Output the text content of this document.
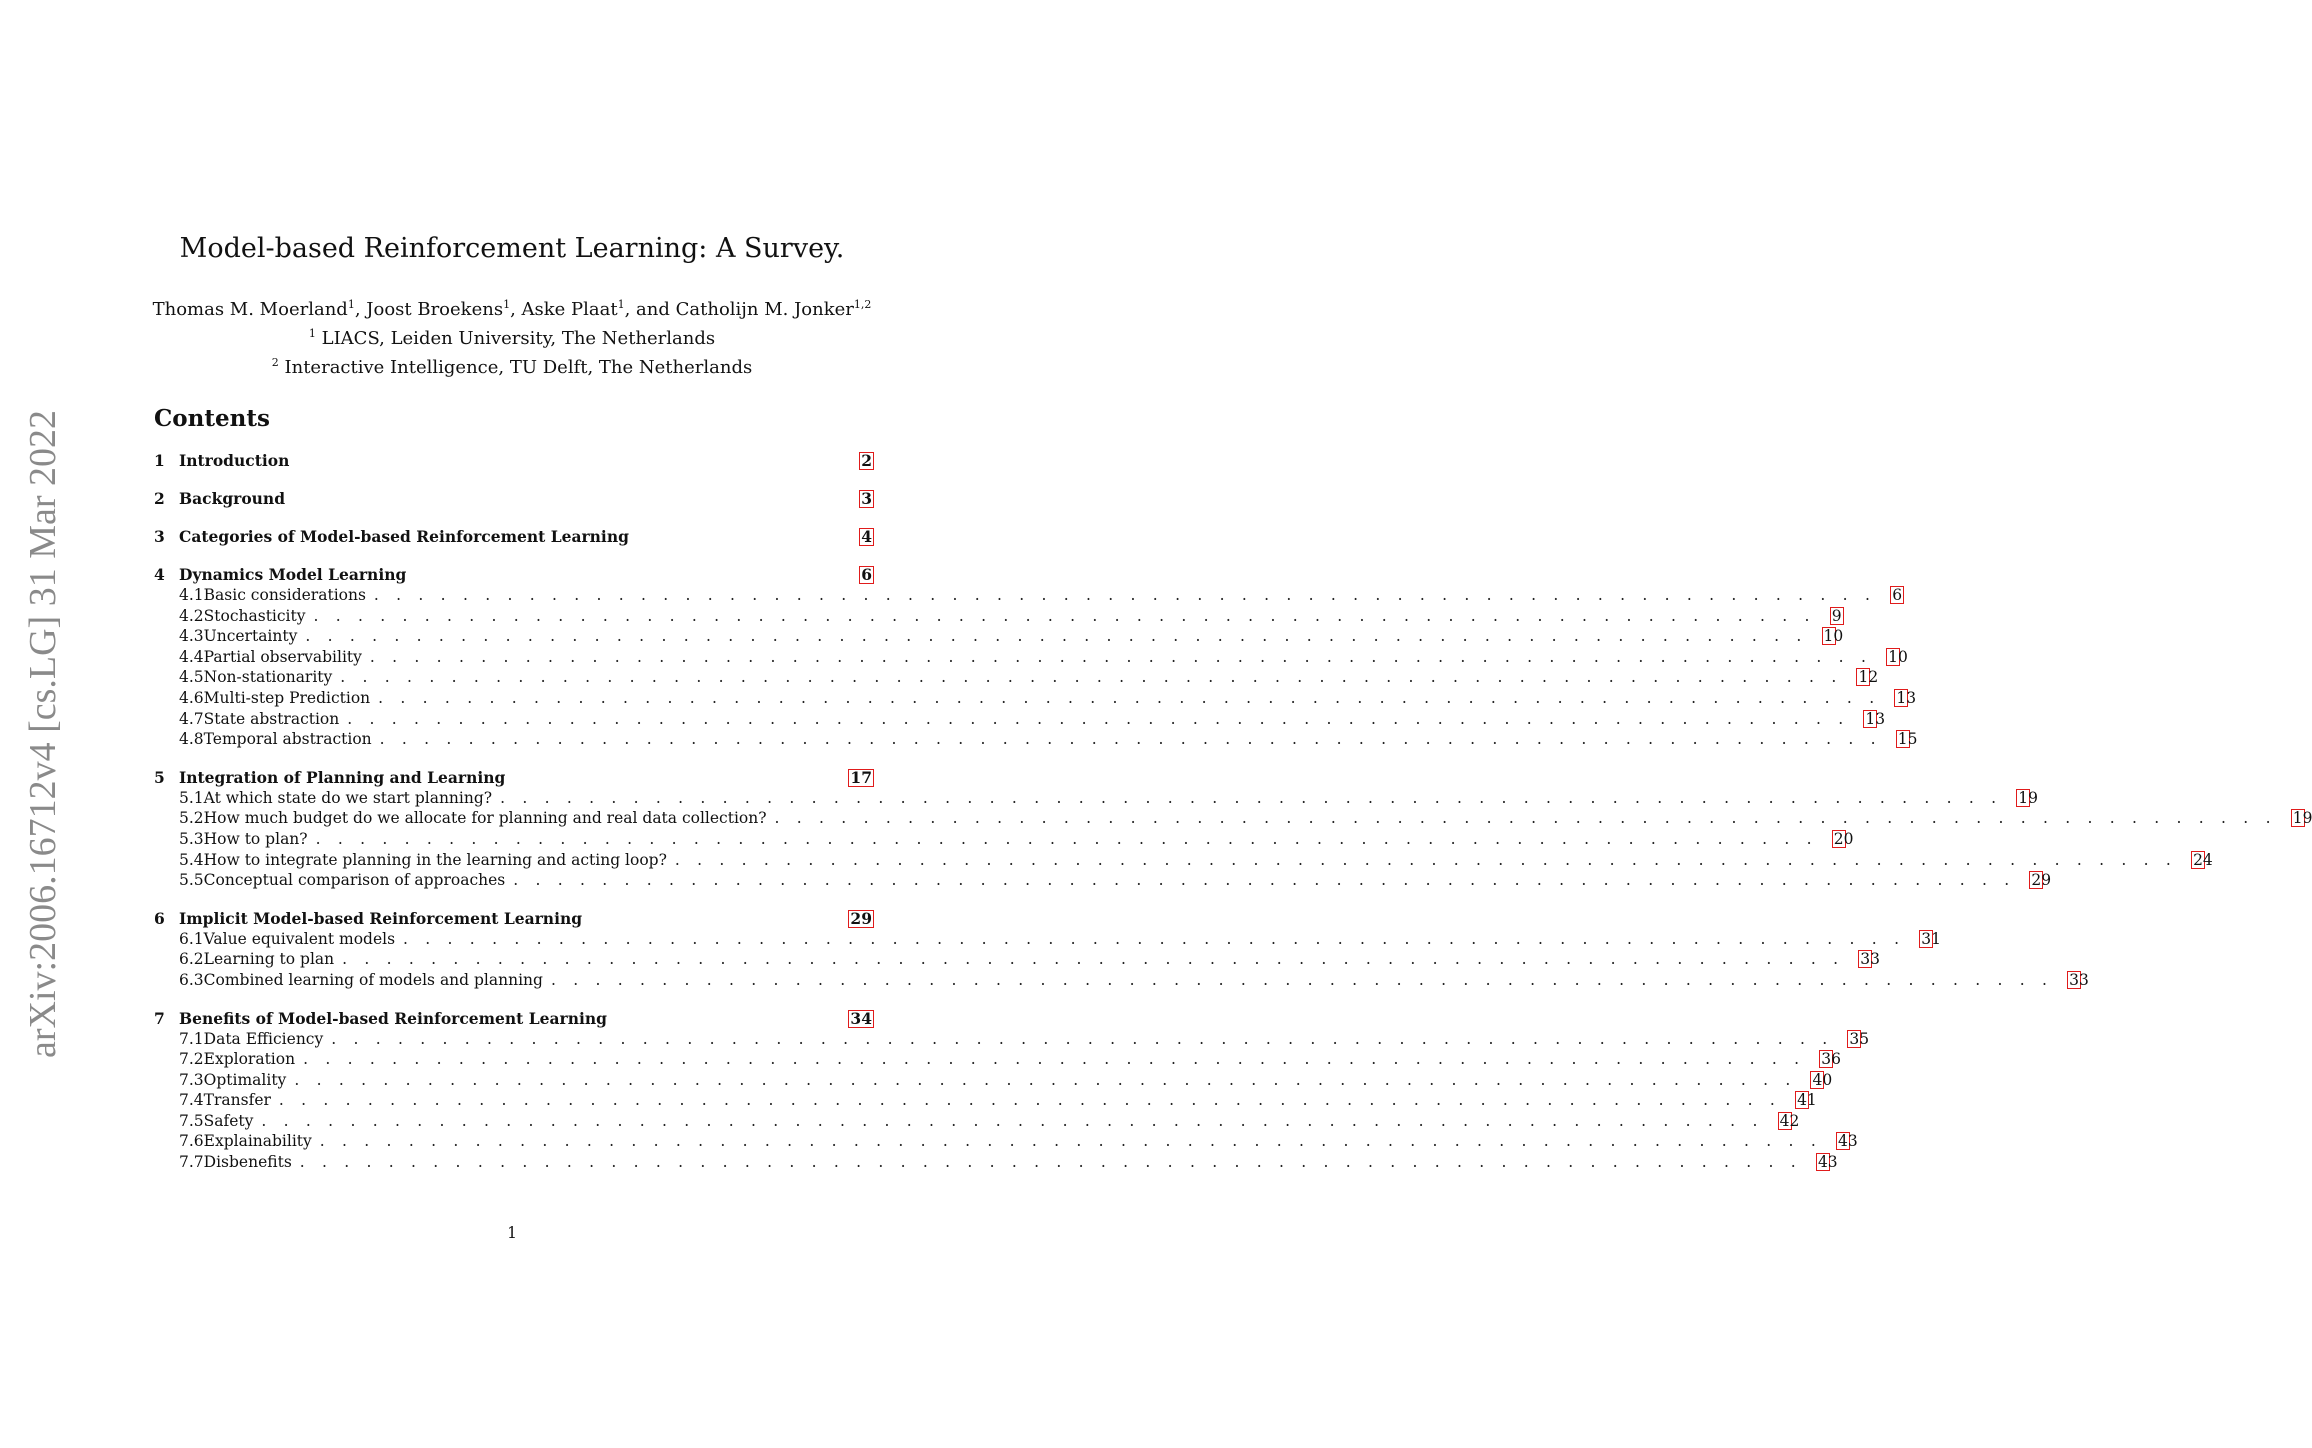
arXiv:2006.16712v4 [cs.LG] 31 Mar 2022
Model-based Reinforcement Learning: A Survey.
Thomas M. Moerland$^1$, Joost Broekens$^1$, Aske Plaat$^1$, and Catholijn M. Jonker$^{1,2}$
$^1$ LIACS, Leiden University, The Netherlands
$^2$ Interactive Intelligence, TU Delft, The Netherlands
Contents
1 Introduction	2
2 Background	3
3 Categories of Model-based Reinforcement Learning	4
4 Dynamics Model Learning	6
4.1 Basic considerations . . . . . . . . . . . . . . . . . . . . . . . . . . . . . . . . . . . . . . . . . . . . . . . . . . . . . . . . . . . . . . . . . . . . 6
4.2 Stochasticity . . . . . . . . . . . . . . . . . . . . . . . . . . . . . . . . . . . . . . . . . . . . . . . . . . . . . . . . . . . . . . . . . . . . 9
4.3 Uncertainty . . . . . . . . . . . . . . . . . . . . . . . . . . . . . . . . . . . . . . . . . . . . . . . . . . . . . . . . . . . . . . . . . . . . 10
4.4 Partial observability . . . . . . . . . . . . . . . . . . . . . . . . . . . . . . . . . . . . . . . . . . . . . . . . . . . . . . . . . . . . . . . . . . . . 10
4.5 Non-stationarity . . . . . . . . . . . . . . . . . . . . . . . . . . . . . . . . . . . . . . . . . . . . . . . . . . . . . . . . . . . . . . . . . . . . 12
4.6 Multi-step Prediction . . . . . . . . . . . . . . . . . . . . . . . . . . . . . . . . . . . . . . . . . . . . . . . . . . . . . . . . . . . . . . . . . . . . 13
4.7 State abstraction . . . . . . . . . . . . . . . . . . . . . . . . . . . . . . . . . . . . . . . . . . . . . . . . . . . . . . . . . . . . . . . . . . . . 13
4.8 Temporal abstraction . . . . . . . . . . . . . . . . . . . . . . . . . . . . . . . . . . . . . . . . . . . . . . . . . . . . . . . . . . . . . . . . . . . . 15
5 Integration of Planning and Learning	17
5.1 At which state do we start planning? . . . . . . . . . . . . . . . . . . . . . . . . . . . . . . . . . . . . . . . . . . . . . . . . . . . . . . . . . . . . . . . . . . . . 19
5.2 How much budget do we allocate for planning and real data collection? . . . . . . . . . . . . . . . . . . . . . . . . . . . . . . . . . . . . . . . . . . . . . . . . . . . . . . . . . . . . . . . . . . . . 19
5.3 How to plan? . . . . . . . . . . . . . . . . . . . . . . . . . . . . . . . . . . . . . . . . . . . . . . . . . . . . . . . . . . . . . . . . . . . . 20
5.4 How to integrate planning in the learning and acting loop? . . . . . . . . . . . . . . . . . . . . . . . . . . . . . . . . . . . . . . . . . . . . . . . . . . . . . . . . . . . . . . . . . . . . 24
5.5 Conceptual comparison of approaches . . . . . . . . . . . . . . . . . . . . . . . . . . . . . . . . . . . . . . . . . . . . . . . . . . . . . . . . . . . . . . . . . . . . 29
6 Implicit Model-based Reinforcement Learning	29
6.1 Value equivalent models . . . . . . . . . . . . . . . . . . . . . . . . . . . . . . . . . . . . . . . . . . . . . . . . . . . . . . . . . . . . . . . . . . . . 31
6.2 Learning to plan . . . . . . . . . . . . . . . . . . . . . . . . . . . . . . . . . . . . . . . . . . . . . . . . . . . . . . . . . . . . . . . . . . . . 33
6.3 Combined learning of models and planning . . . . . . . . . . . . . . . . . . . . . . . . . . . . . . . . . . . . . . . . . . . . . . . . . . . . . . . . . . . . . . . . . . . . 33
7 Benefits of Model-based Reinforcement Learning	34
7.1 Data Efficiency . . . . . . . . . . . . . . . . . . . . . . . . . . . . . . . . . . . . . . . . . . . . . . . . . . . . . . . . . . . . . . . . . . . . 35
7.2 Exploration . . . . . . . . . . . . . . . . . . . . . . . . . . . . . . . . . . . . . . . . . . . . . . . . . . . . . . . . . . . . . . . . . . . . 36
7.3 Optimality . . . . . . . . . . . . . . . . . . . . . . . . . . . . . . . . . . . . . . . . . . . . . . . . . . . . . . . . . . . . . . . . . . . . 40
7.4 Transfer . . . . . . . . . . . . . . . . . . . . . . . . . . . . . . . . . . . . . . . . . . . . . . . . . . . . . . . . . . . . . . . . . . . . 41
7.5 Safety . . . . . . . . . . . . . . . . . . . . . . . . . . . . . . . . . . . . . . . . . . . . . . . . . . . . . . . . . . . . . . . . . . . . 42
7.6 Explainability . . . . . . . . . . . . . . . . . . . . . . . . . . . . . . . . . . . . . . . . . . . . . . . . . . . . . . . . . . . . . . . . . . . . 43
7.7 Disbenefits . . . . . . . . . . . . . . . . . . . . . . . . . . . . . . . . . . . . . . . . . . . . . . . . . . . . . . . . . . . . . . . . . . . . 43
1
